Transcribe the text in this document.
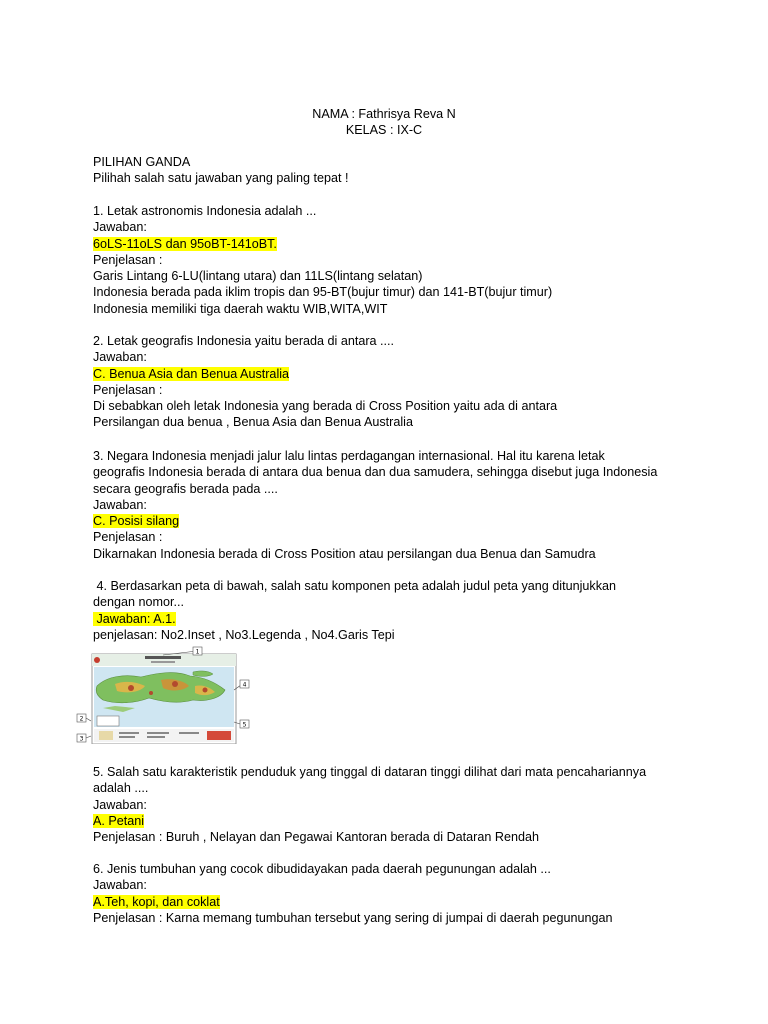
NAMA : Fathrisya Reva N
KELAS : IX-C
PILIHAN GANDA
Pilihah salah satu jawaban yang paling tepat !
1. Letak astronomis Indonesia adalah ...
Jawaban:
6oLS-11oLS dan 95oBT-141oBT.
Penjelasan :
Garis Lintang 6-LU(lintang utara) dan 11LS(lintang selatan)
Indonesia berada pada iklim tropis dan 95-BT(bujur timur) dan 141-BT(bujur timur)
Indonesia memiliki tiga daerah waktu WIB,WITA,WIT
2. Letak geografis Indonesia yaitu berada di antara ....
Jawaban:
C. Benua Asia dan Benua Australia
Penjelasan :
Di sebabkan oleh letak Indonesia yang berada di Cross Position yaitu ada di antara
Persilangan dua benua , Benua Asia dan Benua Australia
3. Negara Indonesia menjadi jalur lalu lintas perdagangan internasional. Hal itu karena letak
geografis Indonesia berada di antara dua benua dan dua samudera, sehingga disebut juga Indonesia
secara geografis berada pada ....
Jawaban:
C. Posisi silang
Penjelasan :
Dikarnakan Indonesia berada di Cross Position atau persilangan dua Benua dan Samudra
4. Berdasarkan peta di bawah, salah satu komponen peta adalah judul peta yang ditunjukkan
dengan nomor...
Jawaban: A.1.
penjelasan: No2.Inset , No3.Legenda , No4.Garis Tepi
1
2
3
4
5
5. Salah satu karakteristik penduduk yang tinggal di dataran tinggi dilihat dari mata pencahariannya
adalah ....
Jawaban:
A. Petani
Penjelasan : Buruh , Nelayan dan Pegawai Kantoran berada di Dataran Rendah
6. Jenis tumbuhan yang cocok dibudidayakan pada daerah pegunungan adalah ...
Jawaban:
A.Teh, kopi, dan coklat
Penjelasan : Karna memang tumbuhan tersebut yang sering di jumpai di daerah pegunungan
